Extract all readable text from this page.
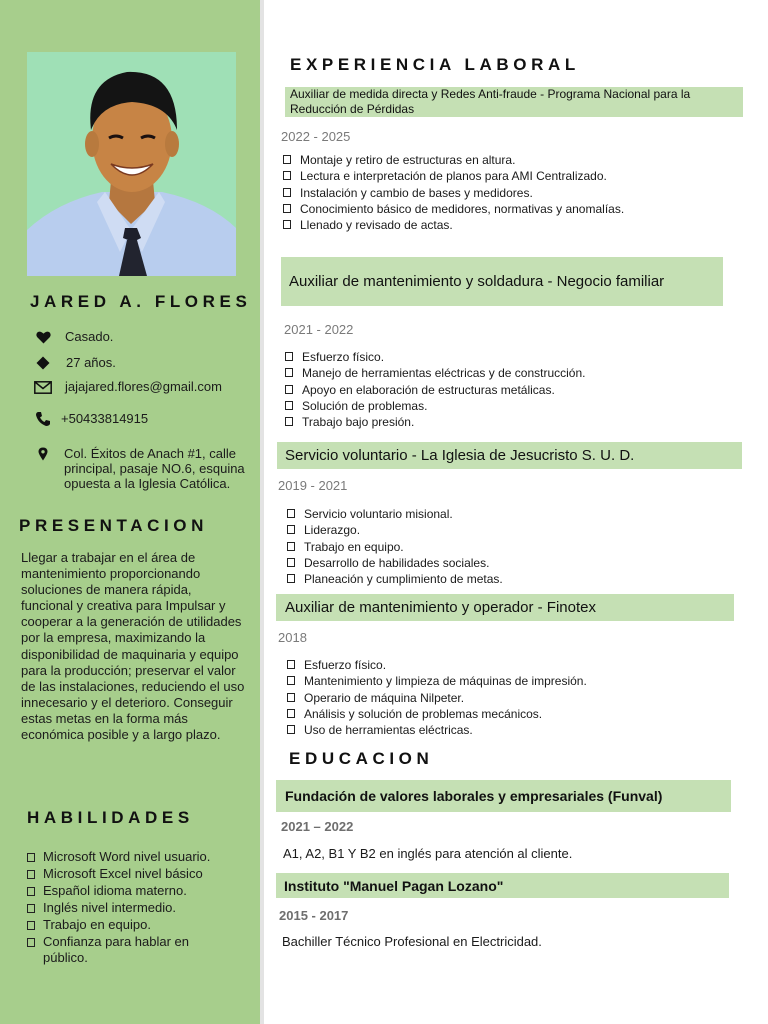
JARED A. FLORES
Casado.
27 años.
jajajared.flores@gmail.com
+50433814915
Col. Éxitos de Anach #1, calle principal, pasaje NO.6, esquina opuesta a la Iglesia Católica.
PRESENTACION
Llegar a trabajar en el área de mantenimiento proporcionando soluciones de manera rápida, funcional y creativa para Impulsar y cooperar a la generación de utilidades por la empresa, maximizando la disponibilidad de maquinaria y equipo para la producción; preservar el valor de las instalaciones, reduciendo el uso innecesario y el deterioro. Conseguir estas metas en la forma más económica posible y a largo plazo.
HABILIDADES
Microsoft Word nivel usuario.
Microsoft Excel nivel básico
Español idioma materno.
Inglés nivel intermedio.
Trabajo en equipo.
Confianza para hablar en público.
EXPERIENCIA LABORAL
Auxiliar de medida directa y Redes Anti-fraude - Programa Nacional para la Reducción de Pérdidas
2022 - 2025
Montaje y retiro de estructuras en altura.
Lectura e interpretación de planos para AMI Centralizado.
Instalación y cambio de bases y medidores.
Conocimiento básico de medidores, normativas y anomalías.
Llenado y revisado de actas.
Auxiliar de mantenimiento y soldadura - Negocio familiar
2021 - 2022
Esfuerzo físico.
Manejo de herramientas eléctricas y de construcción.
Apoyo en elaboración de estructuras metálicas.
Solución de problemas.
Trabajo bajo presión.
Servicio voluntario - La Iglesia de Jesucristo S. U. D.
2019 - 2021
Servicio voluntario misional.
Liderazgo.
Trabajo en equipo.
Desarrollo de habilidades sociales.
Planeación y cumplimiento de metas.
Auxiliar de mantenimiento y operador - Finotex
2018
Esfuerzo físico.
Mantenimiento y limpieza de máquinas de impresión.
Operario de máquina Nilpeter.
Análisis y solución de problemas mecánicos.
Uso de herramientas eléctricas.
EDUCACION
Fundación de valores laborales y empresariales (Funval)
2021 – 2022
A1, A2, B1 Y B2 en inglés para atención al cliente.
Instituto "Manuel Pagan Lozano"
2015 - 2017
Bachiller Técnico Profesional en Electricidad.
